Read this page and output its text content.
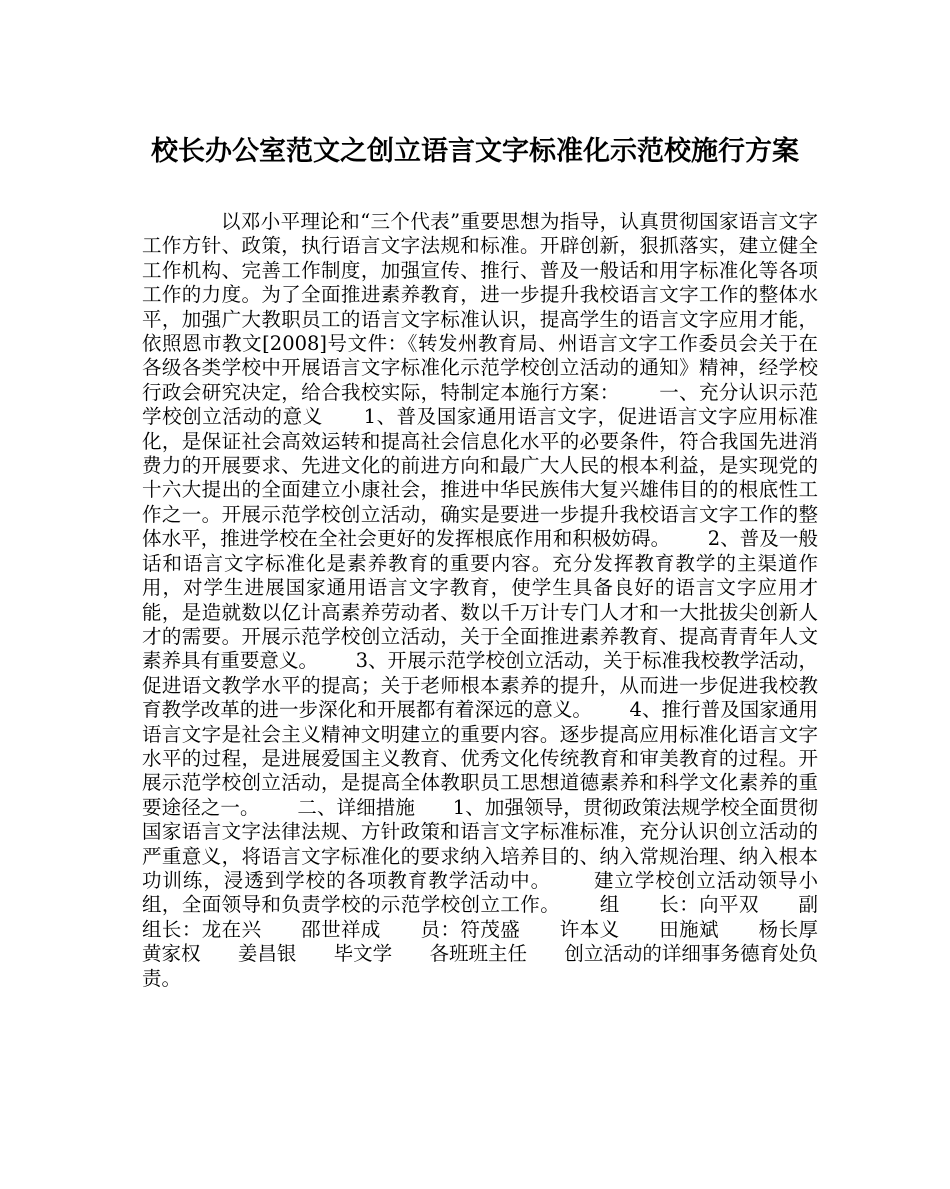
校长办公室范文之创立语言文字标准化示范校施行方案

以邓小平理论和“三个代表”重要思想为指导，认真贯彻国家语言文字工作方针、政策，执行语言文字法规和标准。开辟创新，狠抓落实，建立健全工作机构、完善工作制度，加强宣传、推行、普及一般话和用字标准化等各项工作的力度。为了全面推进素养教育，进一步提升我校语言文字工作的整体水平，加强广大教职员工的语言文字标准认识，提高学生的语言文字应用才能，依照恩市教文[2008]号文件：《转发州教育局、州语言文字工作委员会关于在各级各类学校中开展语言文字标准化示范学校创立活动的通知》精神，经学校行政会研究决定，给合我校实际，特制定本施行方案：      一、充分认识示范学校创立活动的意义      1、普及国家通用语言文字，促进语言文字应用标准化，是保证社会高效运转和提高社会信息化水平的必要条件，符合我国先进消费力的开展要求、先进文化的前进方向和最广大人民的根本利益，是实现党的十六大提出的全面建立小康社会，推进中华民族伟大复兴雄伟目的的根底性工作之一。开展示范学校创立活动，确实是要进一步提升我校语言文字工作的整体水平，推进学校在全社会更好的发挥根底作用和积极妨碍。      2、普及一般话和语言文字标准化是素养教育的重要内容。充分发挥教育教学的主渠道作用，对学生进展国家通用语言文字教育，使学生具备良好的语言文字应用才能，是造就数以亿计高素养劳动者、数以千万计专门人才和一大批拔尖创新人才的需要。开展示范学校创立活动，关于全面推进素养教育、提高青青年人文素养具有重要意义。      3、开展示范学校创立活动，关于标准我校教学活动，促进语文教学水平的提高；关于老师根本素养的提升，从而进一步促进我校教育教学改革的进一步深化和开展都有着深远的意义。      4、推行普及国家通用语言文字是社会主义精神文明建立的重要内容。逐步提高应用标准化语言文字水平的过程，是进展爱国主义教育、优秀文化传统教育和审美教育的过程。开展示范学校创立活动，是提高全体教职员工思想道德素养和科学文化素养的重要途径之一。      二、详细措施      1、加强领导，贯彻政策法规学校全面贯彻国家语言文字法律法规、方针政策和语言文字标准标准，充分认识创立活动的严重意义，将语言文字标准化的要求纳入培养目的、纳入常规治理、纳入根本功训练，浸透到学校的各项教育教学活动中。      建立学校创立活动领导小组，全面领导和负责学校的示范学校创立工作。      组      长：向平双      副组长：龙在兴      邵世祥成      员：符茂盛      许本义      田施斌      杨长厚      黄家权      姜昌银      毕文学      各班班主任      创立活动的详细事务德育处负责。
